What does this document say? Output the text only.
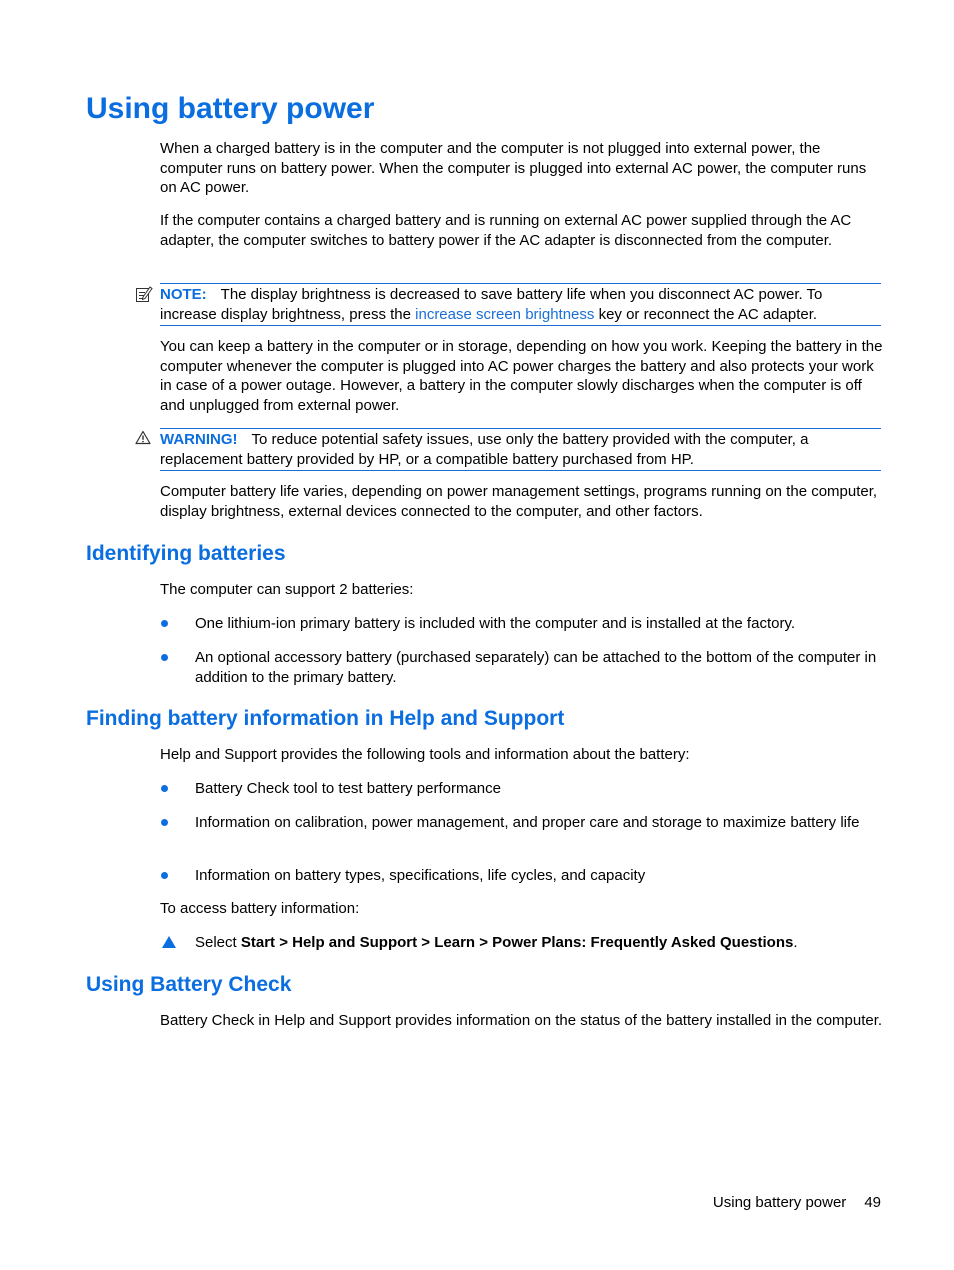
Using battery power

When a charged battery is in the computer and the computer is not plugged into external power, the computer runs on battery power. When the computer is plugged into external AC power, the computer runs on AC power.

If the computer contains a charged battery and is running on external AC power supplied through the AC adapter, the computer switches to battery power if the AC adapter is disconnected from the computer.

NOTE: The display brightness is decreased to save battery life when you disconnect AC power. To increase display brightness, press the increase screen brightness key or reconnect the AC adapter.

You can keep a battery in the computer or in storage, depending on how you work. Keeping the battery in the computer whenever the computer is plugged into AC power charges the battery and also protects your work in case of a power outage. However, a battery in the computer slowly discharges when the computer is off and unplugged from external power.

WARNING! To reduce potential safety issues, use only the battery provided with the computer, a replacement battery provided by HP, or a compatible battery purchased from HP.

Computer battery life varies, depending on power management settings, programs running on the computer, display brightness, external devices connected to the computer, and other factors.

Identifying batteries

The computer can support 2 batteries:

One lithium-ion primary battery is included with the computer and is installed at the factory.

An optional accessory battery (purchased separately) can be attached to the bottom of the computer in addition to the primary battery.

Finding battery information in Help and Support

Help and Support provides the following tools and information about the battery:

Battery Check tool to test battery performance

Information on calibration, power management, and proper care and storage to maximize battery life

Information on battery types, specifications, life cycles, and capacity

To access battery information:

Select Start > Help and Support > Learn > Power Plans: Frequently Asked Questions.

Using Battery Check

Battery Check in Help and Support provides information on the status of the battery installed in the computer.

Using battery power 49
